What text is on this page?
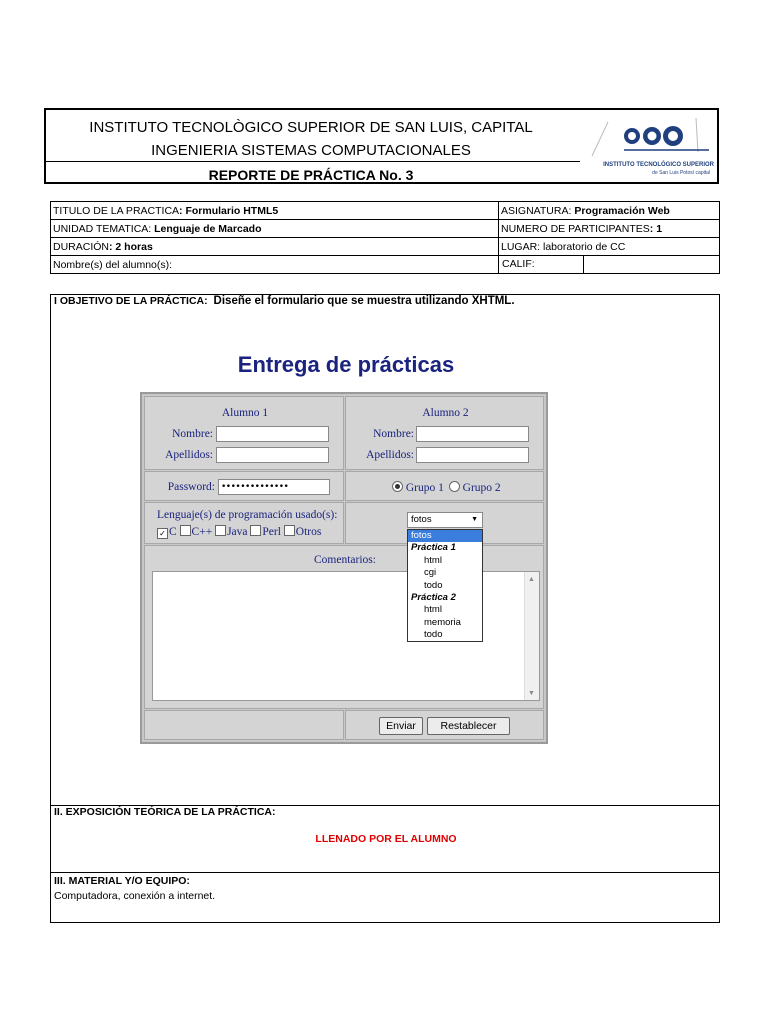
INSTITUTO TECNOLÒGICO SUPERIOR DE SAN LUIS, CAPITAL
INGENIERIA SISTEMAS COMPUTACIONALES
REPORTE DE PRÁCTICA No. 3
INSTITUTO TECNOLÓGICO SUPERIOR
de San Luis Potosí capital
TITULO DE LA PRACTICA: Formulario HTML5	ASIGNATURA: Programación Web
UNIDAD TEMATICA: Lenguaje de Marcado	NUMERO DE PARTICIPANTES: 1
DURACIÓN: 2 horas	LUGAR: laboratorio de CC
Nombre(s) del alumno(s):	CALIF:
I OBJETIVO DE LA PRÁCTICA: Diseñe el formulario que se muestra utilizando XHTML.
Entrega de prácticas
Alumno 1
Nombre:
Apellidos:
Alumno 2
Nombre:
Apellidos:
Password: ••••••••••••••	Grupo 1 Grupo 2
Lenguaje(s) de programación usado(s):
✓ C C++ Java Perl Otros
Comentarios:
▲
▼
Enviar	Restablecer
fotos	▼
fotos
Práctica 1
html
cgi
todo
Práctica 2
html
memoria
todo
II. EXPOSICIÓN TEÓRICA DE LA PRÁCTICA:
LLENADO POR EL ALUMNO
III. MATERIAL Y/O EQUIPO:
Computadora, conexión a internet.
